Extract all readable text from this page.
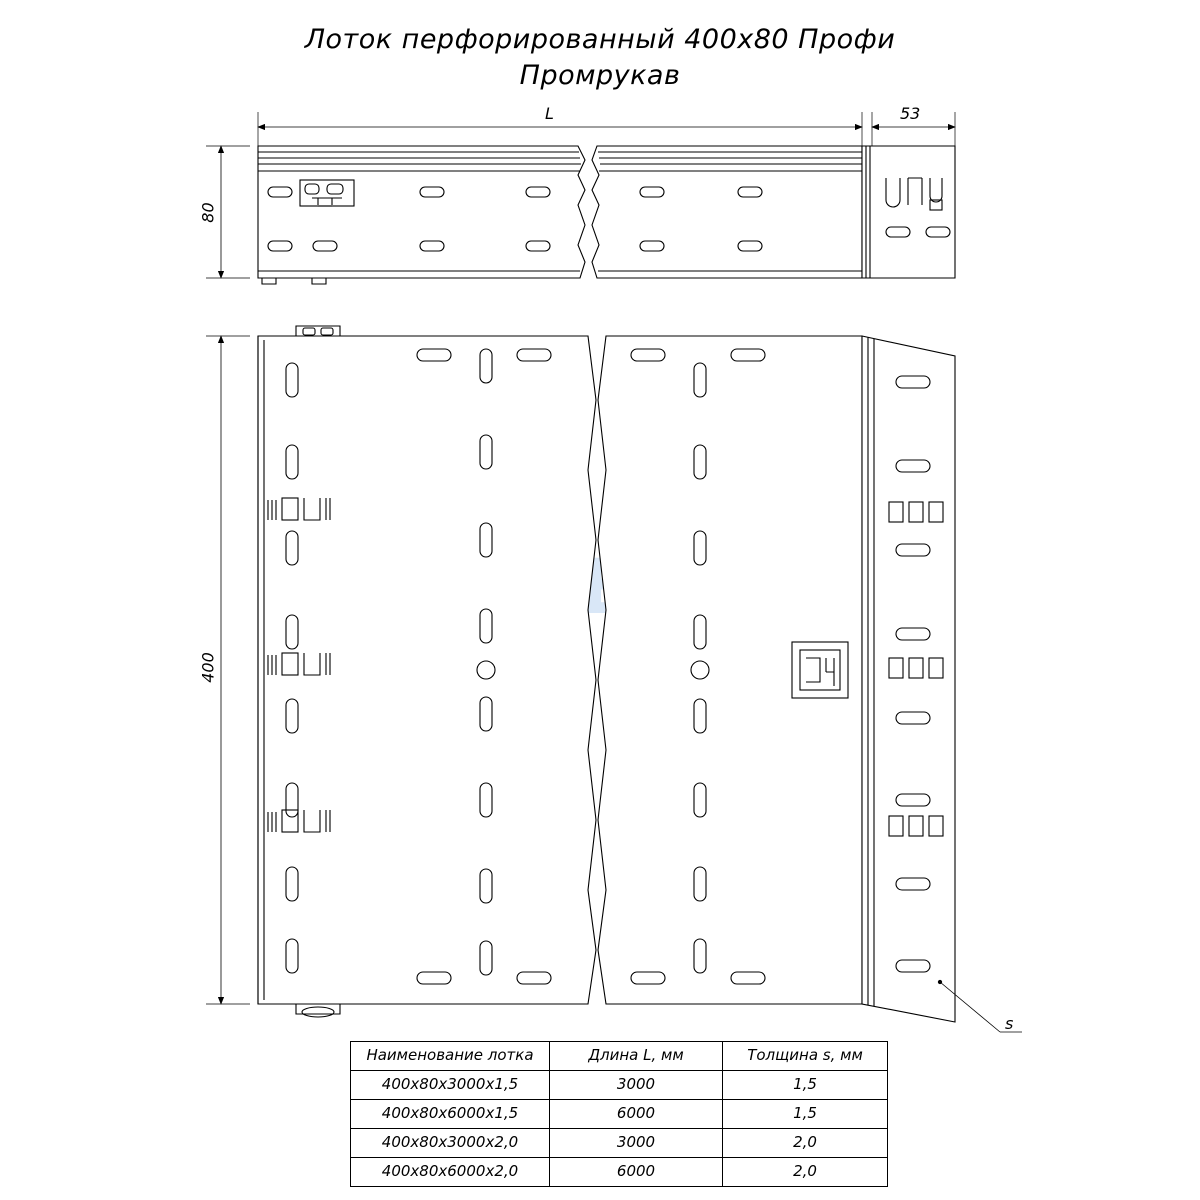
Лоток перфорированный 400x80 Профи
Промрукав
L	53
80
400
s
Наименование лотка	Длина L, мм	Толщина s, мм
400х80х3000х1,5	3000	1,5
400х80х6000х1,5	6000	1,5
400х80х3000х2,0	3000	2,0
400х80х6000х2,0	6000	2,0
